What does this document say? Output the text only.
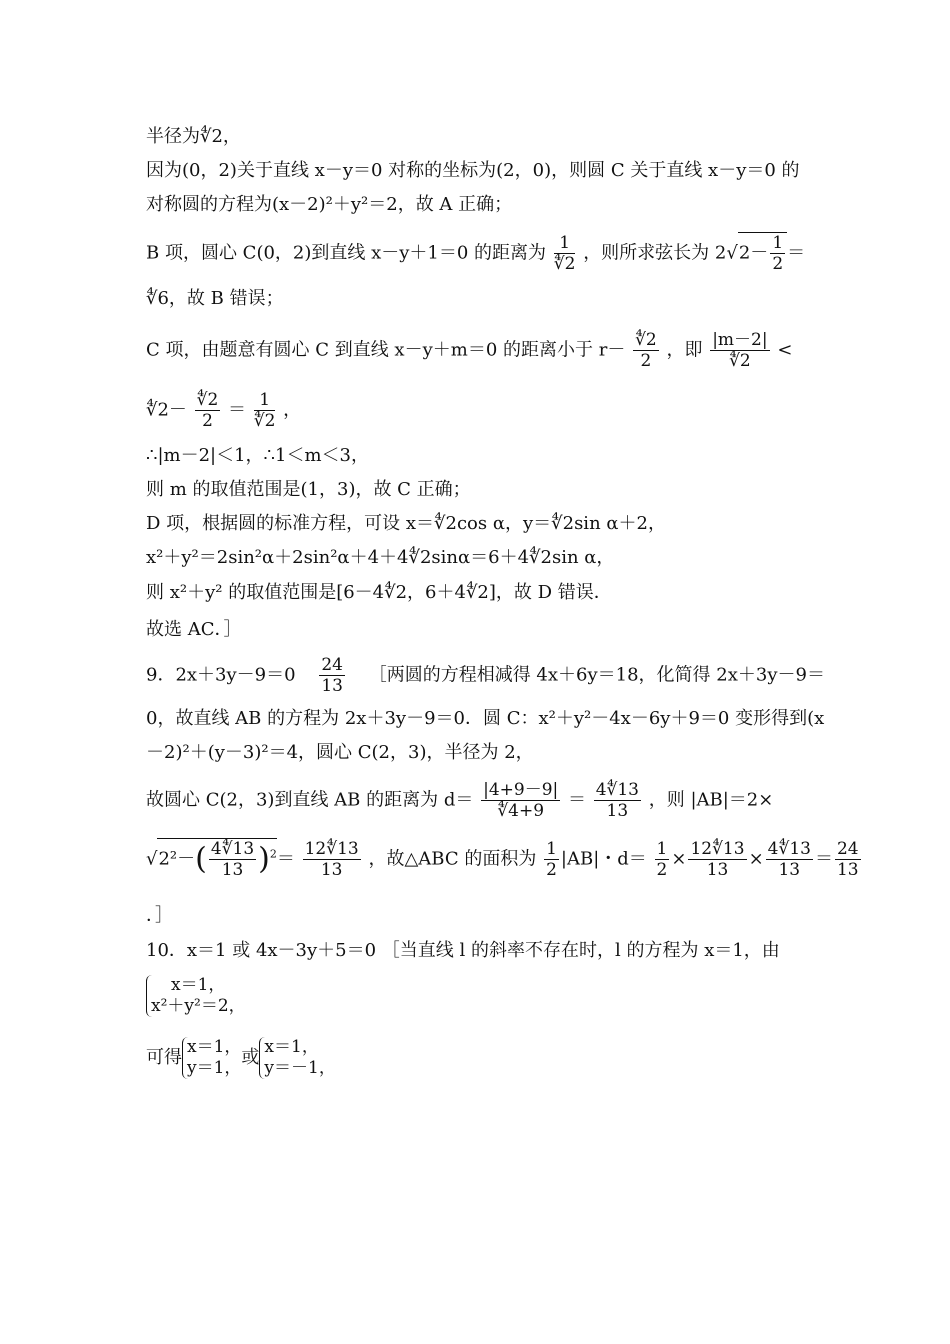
半径为∜2，
因为(0，2)关于直线 x－y＝0 对称的坐标为(2，0)，则圆 C 关于直线 x－y＝0 的
对称圆的方程为(x－2)²＋y²＝2，故 A 正确；
B 项，圆心 C(0，2)到直线 x－y＋1＝0 的距离为 $\frac{1}{∜2}$ ，则所求弦长为 $2√2- \frac{1}{2}$ ＝
∜6，故 B 错误；
C 项，由题意有圆心 C 到直线 x－y＋m＝0 的距离小于 $r- \frac{∜2}{2}$ ，即 $\frac{|m-2|}{∜2}$ <
∜2－ $\frac{∜2}{2} = \frac{1}{∜2}$ ，
∴|m－2|＜1，∴1＜m＜3，
则 m 的取值范围是(1，3)，故 C 正确；
D 项，根据圆的标准方程，可设 x＝∜2cos α，y＝∜2sin α＋2，
x²＋y²＝2sin²α＋2sin²α＋4＋4∜2sinα＝6＋4∜2sin α，
则 x²＋y² 的取值范围是[6－4∜2，6＋4∜2]，故 D 错误．
故选 AC．］
9．$2x+3y-9=0 \frac{24}{13}$ ［两圆的方程相减得 4x＋6y＝18，化简得 2x＋3y－9＝
0，故直线 AB 的方程为 2x＋3y－9＝0．圆 C：x²＋y²－4x－6y＋9＝0 变形得到(x
－2)²＋(y－3)²＝4，圆心 C(2，3)，半径为 2，
故圆心 C(2，3)到直线 AB 的距离为 $d= \frac{|4+9-9|}{∜4+9} = \frac{4∜13}{13}$ ，则 |AB|＝2×
$√2^2-( \frac{4∜13}{13} )^2= \frac{12∜13}{13}$ ，故△ABC 的面积为 $\frac{1}{2} |AB|$・$d= \frac{1}{2} \times \frac{12∜13}{13} \times \frac{4∜13}{13} = \frac{24}{13}$
．］
10．x＝1 或 4x－3y＋5＝0 ［当直线 l 的斜率不存在时，l 的方程为 x＝1，由
x＝1，
x²＋y²＝2，
可得 x＝1，
y＝1， 或 x＝1，
y＝－1，
